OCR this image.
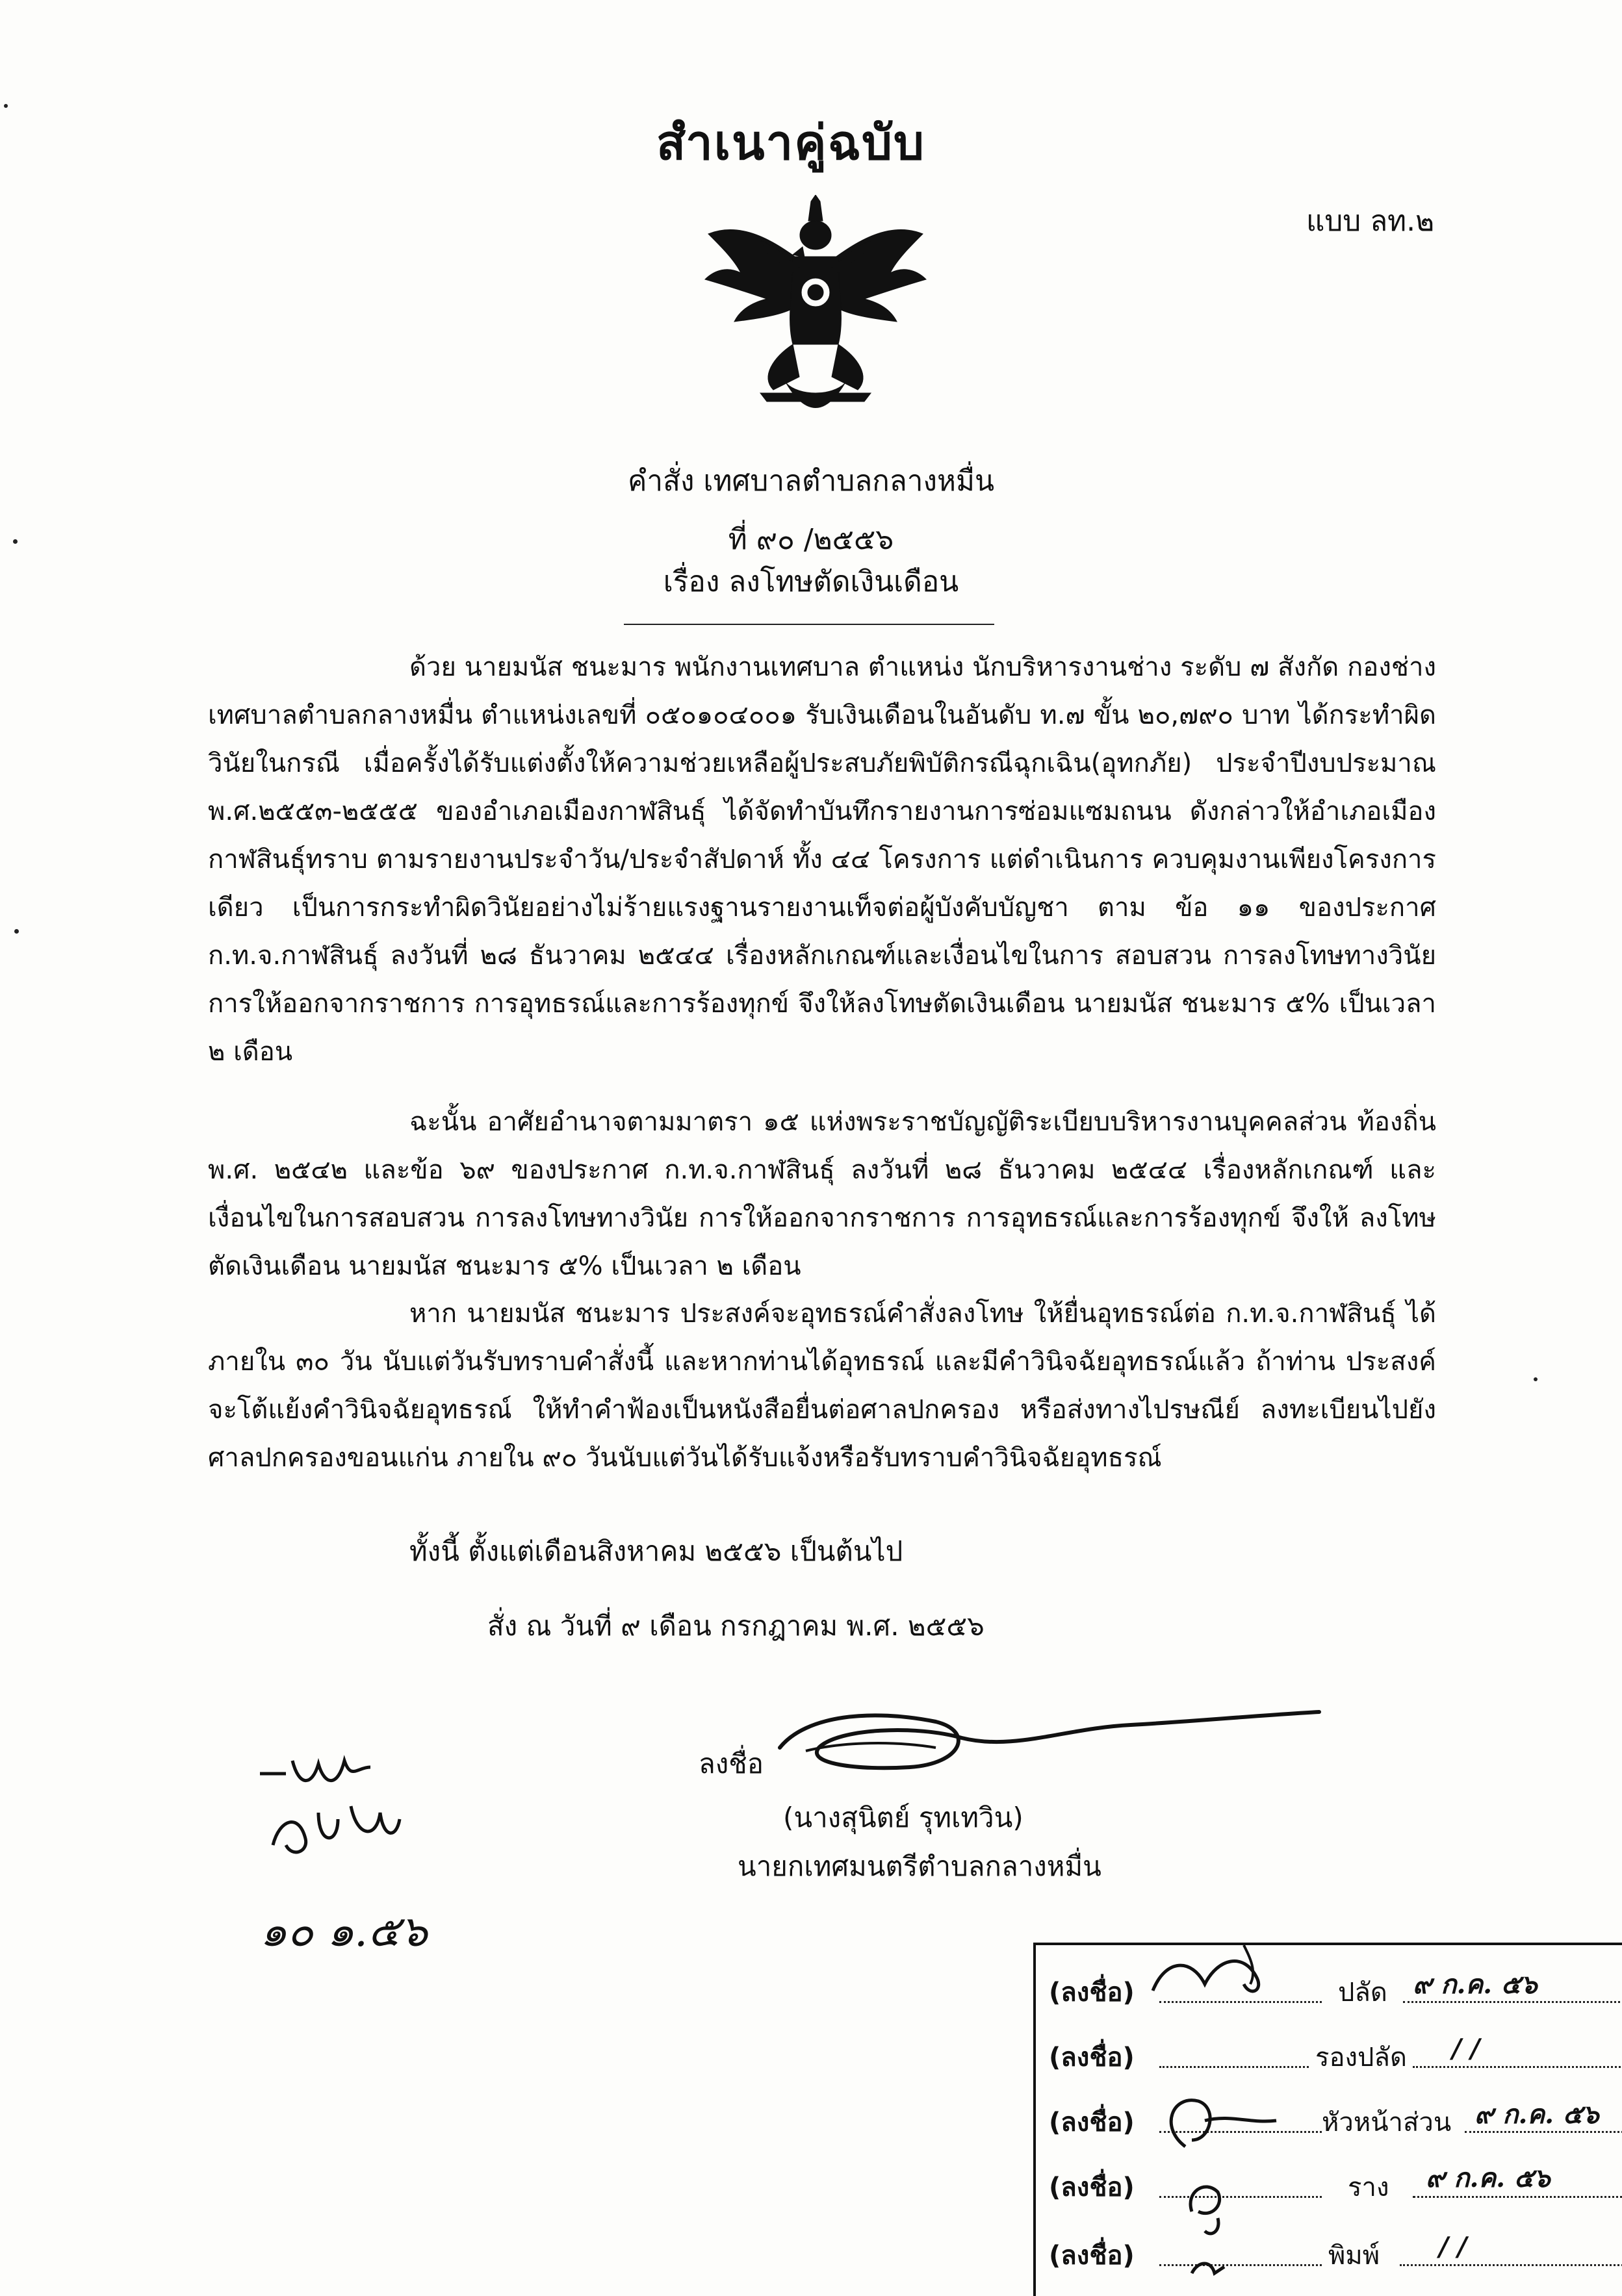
สำเนาคู่ฉบับ
แบบ ลท.๒
คำสั่ง เทศบาลตำบลกลางหมื่น
ที่ ๙๐ /๒๕๕๖
เรื่อง ลงโทษตัดเงินเดือน

ด้วย นายมนัส ชนะมาร พนักงานเทศบาล ตำแหน่ง นักบริหารงานช่าง ระดับ ๗ สังกัด กองช่าง เทศบาลตำบลกลางหมื่น ตำแหน่งเลขที่ ๐๕๐๑๐๔๐๐๑ รับเงินเดือนในอันดับ ท.๗ ขั้น ๒๐,๗๙๐ บาท ได้กระทำผิดวินัยในกรณี เมื่อครั้งได้รับแต่งตั้งให้ความช่วยเหลือผู้ประสบภัยพิบัติกรณีฉุกเฉิน(อุทกภัย) ประจำปีงบประมาณ พ.ศ.๒๕๕๓-๒๕๕๕ ของอำเภอเมืองกาฬสินธุ์ ได้จัดทำบันทึกรายงานการซ่อมแซมถนน ดังกล่าวให้อำเภอเมืองกาฬสินธุ์ทราบ ตามรายงานประจำวัน/ประจำสัปดาห์ ทั้ง ๔๔ โครงการ แต่ดำเนินการ ควบคุมงานเพียงโครงการเดียว เป็นการกระทำผิดวินัยอย่างไม่ร้ายแรงฐานรายงานเท็จต่อผู้บังคับบัญชา ตาม ข้อ ๑๑ ของประกาศ ก.ท.จ.กาฬสินธุ์ ลงวันที่ ๒๘ ธันวาคม ๒๕๔๔ เรื่องหลักเกณฑ์และเงื่อนไขในการ สอบสวน การลงโทษทางวินัย การให้ออกจากราชการ การอุทธรณ์และการร้องทุกข์ จึงให้ลงโทษตัดเงินเดือน นายมนัส ชนะมาร ๕% เป็นเวลา ๒ เดือน

ฉะนั้น อาศัยอำนาจตามมาตรา ๑๕ แห่งพระราชบัญญัติระเบียบบริหารงานบุคคลส่วน ท้องถิ่น พ.ศ. ๒๕๔๒ และข้อ ๖๙ ของประกาศ ก.ท.จ.กาฬสินธุ์ ลงวันที่ ๒๘ ธันวาคม ๒๕๔๔ เรื่องหลักเกณฑ์ และเงื่อนไขในการสอบสวน การลงโทษทางวินัย การให้ออกจากราชการ การอุทธรณ์และการร้องทุกข์ จึงให้ ลงโทษตัดเงินเดือน นายมนัส ชนะมาร ๕% เป็นเวลา ๒ เดือน

หาก นายมนัส ชนะมาร ประสงค์จะอุทธรณ์คำสั่งลงโทษ ให้ยื่นอุทธรณ์ต่อ ก.ท.จ.กาฬสินธุ์ ได้ภายใน ๓๐ วัน นับแต่วันรับทราบคำสั่งนี้ และหากท่านได้อุทธรณ์ และมีคำวินิจฉัยอุทธรณ์แล้ว ถ้าท่าน ประสงค์จะโต้แย้งคำวินิจฉัยอุทธรณ์ ให้ทำคำฟ้องเป็นหนังสือยื่นต่อศาลปกครอง หรือส่งทางไปรษณีย์ ลงทะเบียนไปยังศาลปกครองขอนแก่น ภายใน ๙๐ วันนับแต่วันได้รับแจ้งหรือรับทราบคำวินิจฉัยอุทธรณ์

ทั้งนี้ ตั้งแต่เดือนสิงหาคม ๒๕๕๖ เป็นต้นไป
สั่ง ณ วันที่ ๙ เดือน กรกฎาคม พ.ศ. ๒๕๕๖
ลงชื่อ
(นางสุนิตย์ รุทเทวิน)
นายกเทศมนตรีตำบลกลางหมื่น
๑๐ ๑.๕๖
(ลงชื่อ)	ปลัด ๙ ก.ค. ๕๖
(ลงชื่อ)	รองปลัด / /
(ลงชื่อ)	หัวหน้าส่วน ๙ ก.ค. ๕๖
(ลงชื่อ)	ราง ๙ ก.ค. ๕๖
(ลงชื่อ)	พิมพ์ / /
